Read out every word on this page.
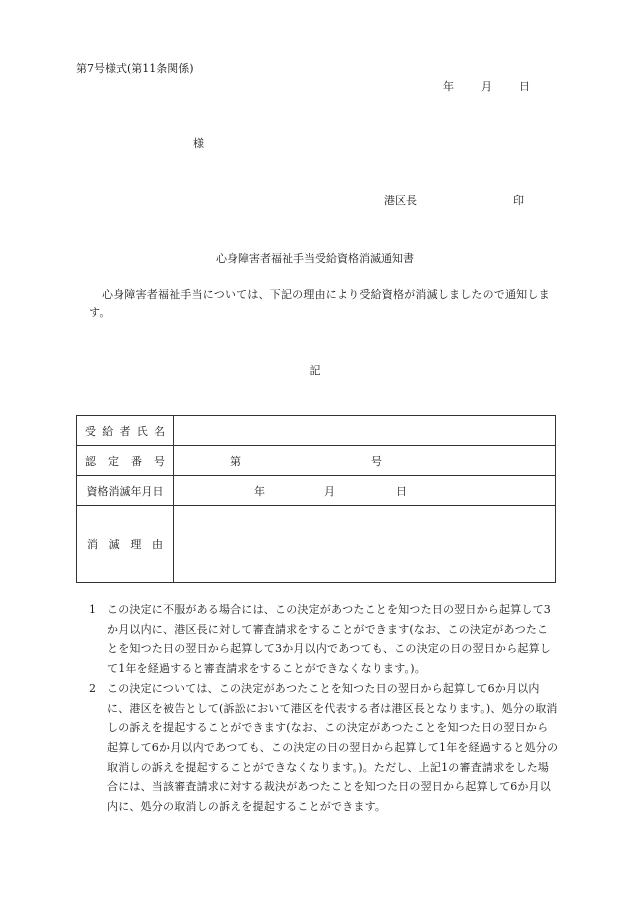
第7号様式(第11条関係)
年 月 日
様
港区長	印
心身障害者福祉手当受給資格消滅通知書
心身障害者福祉手当については、下記の理由により受給資格が消滅しましたので通知します。
記
受 給 者 氏 名	

認 定 番 号	第 号

資格消滅年月日	年 月 日

消 滅 理 由	

1 この決定に不服がある場合には、この決定があつたことを知つた日の翌日から起算して3か月以内に、港区長に対して審査請求をすることができます(なお、この決定があつたことを知つた日の翌日から起算して3か月以内であつても、この決定の日の翌日から起算して1年を経過すると審査請求をすることができなくなります。)。
2 この決定については、この決定があつたことを知つた日の翌日から起算して6か月以内に、港区を被告として(訴訟において港区を代表する者は港区長となります。)、処分の取消しの訴えを提起することができます(なお、この決定があつたことを知つた日の翌日から起算して6か月以内であつても、この決定の日の翌日から起算して1年を経過すると処分の取消しの訴えを提起することができなくなります。)。ただし、上記1の審査請求をした場合には、当該審査請求に対する裁決があつたことを知つた日の翌日から起算して6か月以内に、処分の取消しの訴えを提起することができます。
